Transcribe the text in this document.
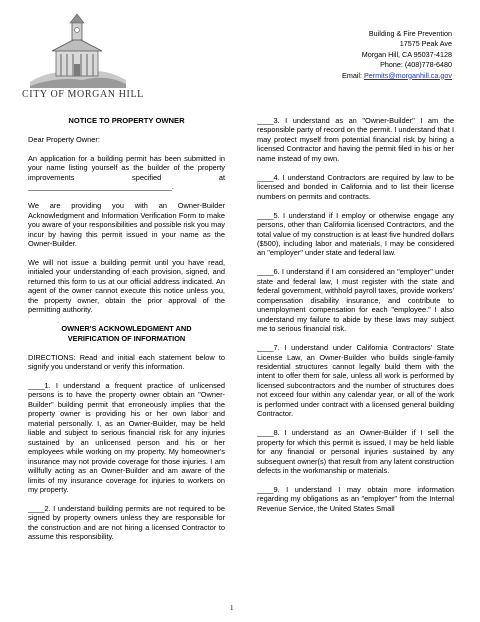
CITY OF MORGAN HILL
Building & Fire Prevention
17575 Peak Ave
Morgan Hill, CA 95037-4128
Phone: (408)778-6480
Email: Permits@morganhill.ca.gov

NOTICE TO PROPERTY OWNER

Dear Property Owner:

An application for a building permit has been submitted in your name listing yourself as the builder of the property improvements specified at ___________________________________.

We are providing you with an Owner-Builder Acknowledgment and Information Verification Form to make you aware of your responsibilities and possible risk you may incur by having this permit issued in your name as the Owner-Builder.

We will not issue a building permit until you have read, initialed your understanding of each provision, signed, and returned this form to us at our official address indicated. An agent of the owner cannot execute this notice unless you, the property owner, obtain the prior approval of the permitting authority.

OWNER'S ACKNOWLEDGMENT AND
VERIFICATION OF INFORMATION

DIRECTIONS: Read and initial each statement below to signify you understand or verify this information.

____1. I understand a frequent practice of unlicensed persons is to have the property owner obtain an "Owner-Builder" building permit that erroneously implies that the property owner is providing his or her own labor and material personally. I, as an Owner-Builder, may be held liable and subject to serious financial risk for any injuries sustained by an unlicensed person and his or her employees while working on my property. My homeowner's insurance may not provide coverage for those injuries. I am willfully acting as an Owner-Builder and am aware of the limits of my insurance coverage for injuries to workers on my property.

____2. I understand building permits are not required to be signed by property owners unless they are responsible for the construction and are not hiring a licensed Contractor to assume this responsibility.

____3. I understand as an "Owner-Builder" I am the responsible party of record on the permit. I understand that I may protect myself from potential financial risk by hiring a licensed Contractor and having the permit filed in his or her name instead of my own.

____4. I understand Contractors are required by law to be licensed and bonded in California and to list their license numbers on permits and contracts.

____5. I understand if I employ or otherwise engage any persons, other than California licensed Contractors, and the total value of my construction is at least five hundred dollars ($500), including labor and materials, I may be considered an "employer" under state and federal law.

____6. I understand if I am considered an "employer" under state and federal law, I must register with the state and federal government, withhold payroll taxes, provide workers' compensation disability insurance, and contribute to unemployment compensation for each "employee." I also understand my failure to abide by these laws may subject me to serious financial risk.

____7. I understand under California Contractors' State License Law, an Owner-Builder who builds single-family residential structures cannot legally build them with the intent to offer them for sale, unless all work is performed by licensed subcontractors and the number of structures does not exceed four within any calendar year, or all of the work is performed under contract with a licensed general building Contractor.

____8. I understand as an Owner-Builder if I sell the property for which this permit is issued, I may be held liable for any financial or personal injuries sustained by any subsequent owner(s) that result from any latent construction defects in the workmanship or materials.

____9. I understand I may obtain more information regarding my obligations as an "employer" from the Internal Revenue Service, the United States Small

1
